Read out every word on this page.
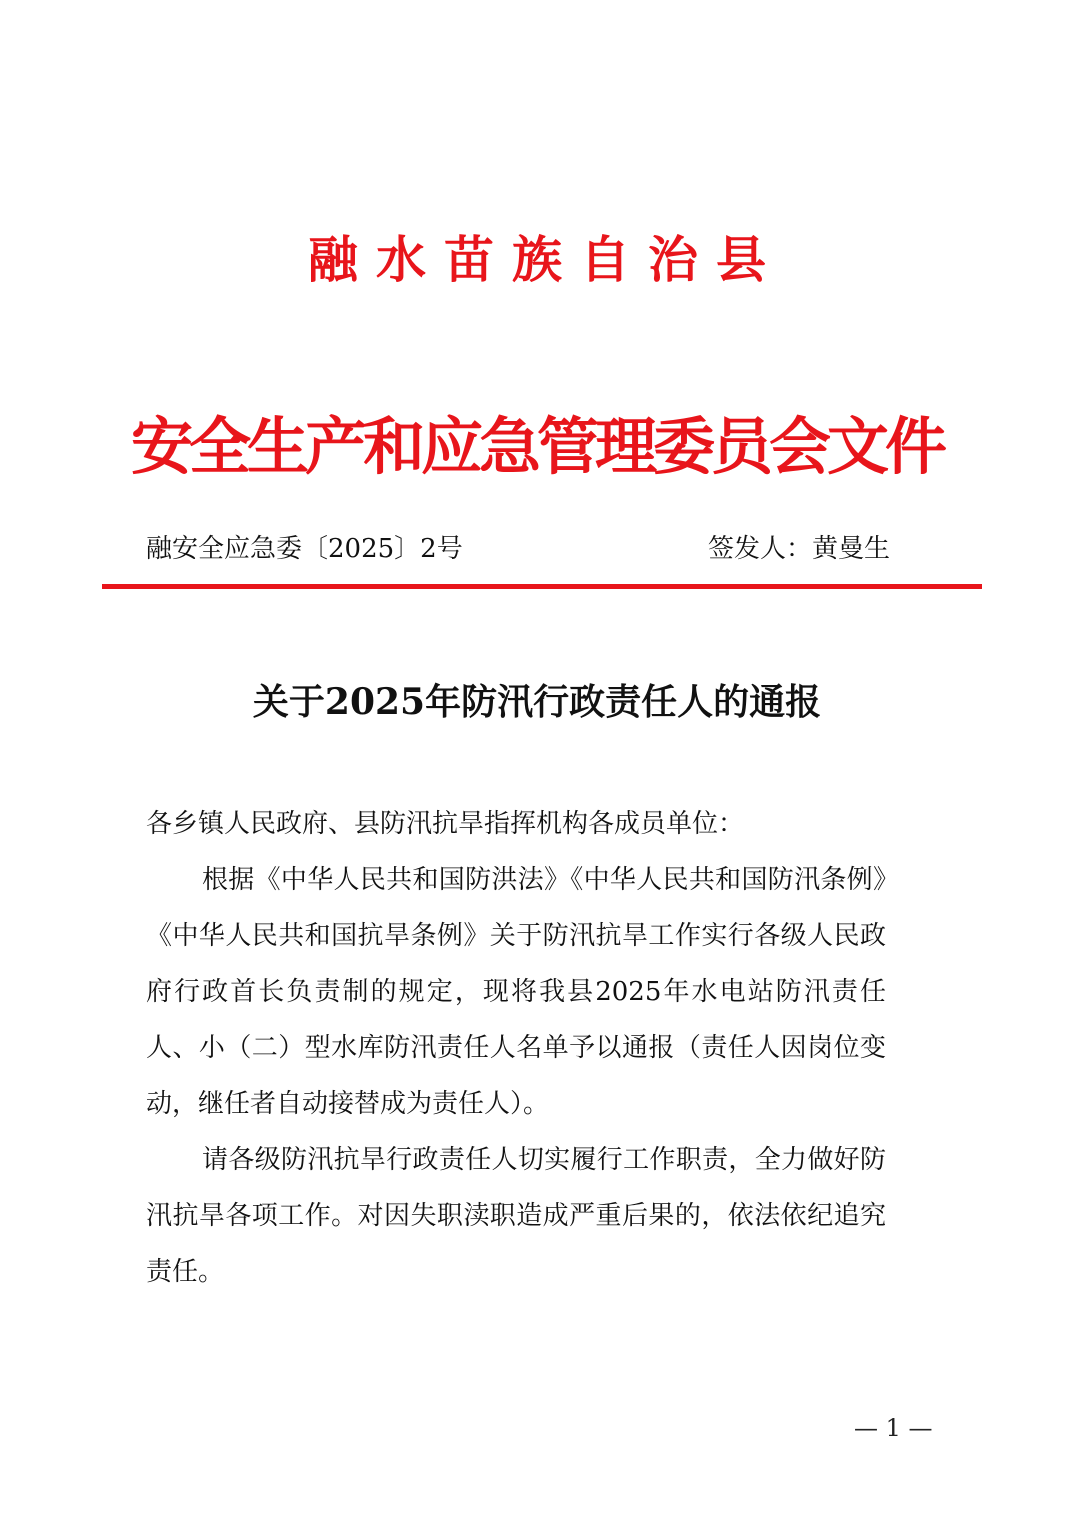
融水苗族自治县
安全生产和应急管理委员会文件
融安全应急委〔2025〕2号	签发人：黄曼生
关于2025年防汛行政责任人的通报

各乡镇人民政府、县防汛抗旱指挥机构各成员单位：

根据《中华人民共和国防洪法》《中华人民共和国防汛条例》《中华人民共和国抗旱条例》关于防汛抗旱工作实行各级人民政府行政首长负责制的规定，现将我县2025年水电站防汛责任人、小（二）型水库防汛责任人名单予以通报（责任人因岗位变动，继任者自动接替成为责任人）。

请各级防汛抗旱行政责任人切实履行工作职责，全力做好防汛抗旱各项工作。对因失职渎职造成严重后果的，依法依纪追究责任。

— 1 —
